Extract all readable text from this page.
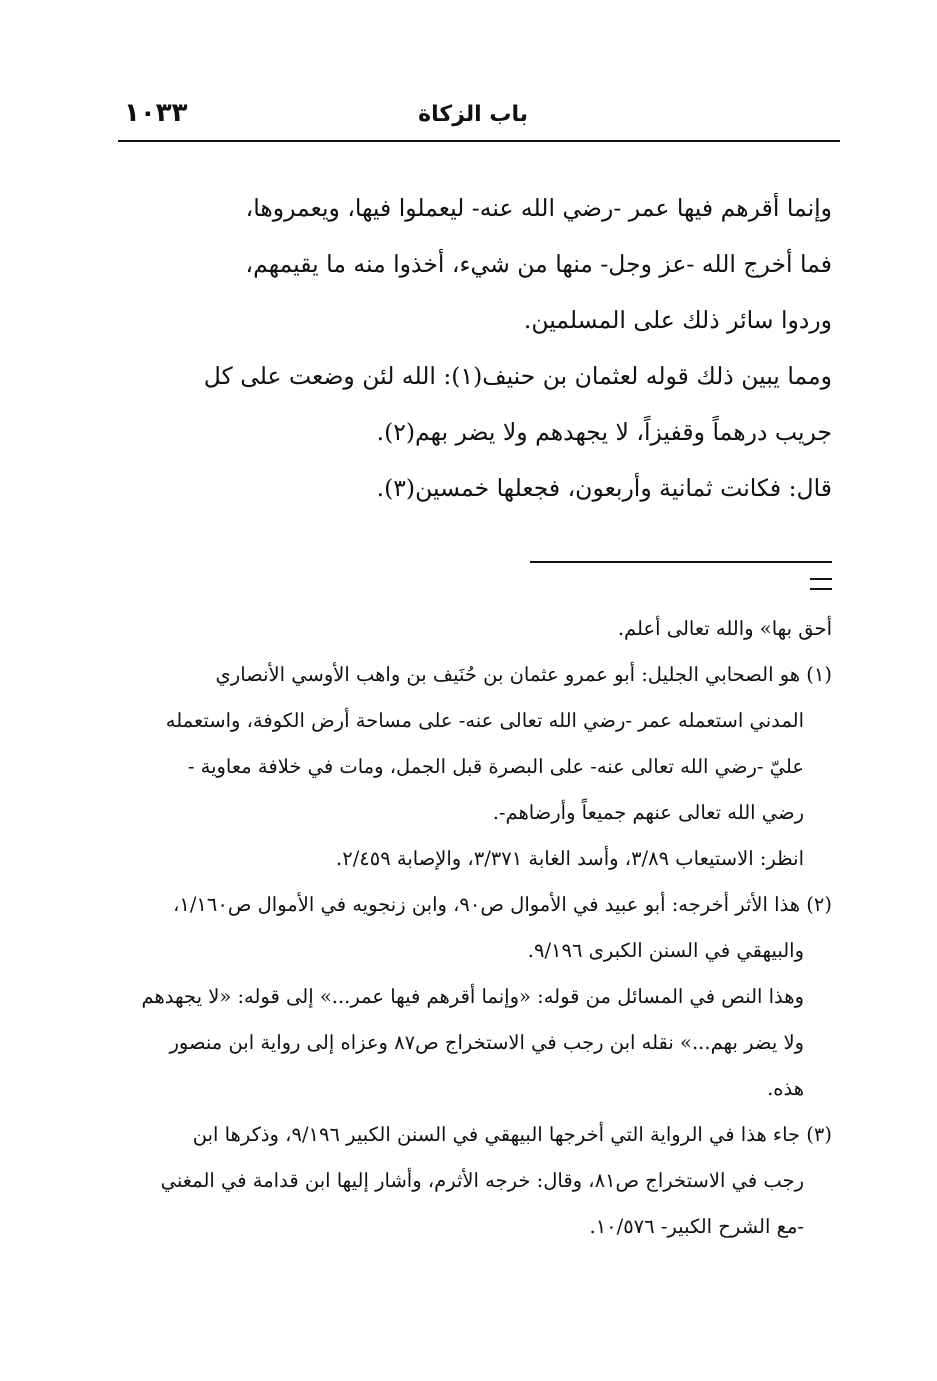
باب الزكاة
١٠٣٣

وإنما أقرهم فيها عمر -رضي الله عنه- ليعملوا فيها، ويعمروها،

فما أخرج الله -عز وجل- منها من شيء، أخذوا منه ما يقيمهم،

وردوا سائر ذلك على المسلمين.

ومما يبين ذلك قوله لعثمان بن حنيف(١): الله لئن وضعت على كل

جريب درهماً وقفيزاً، لا يجهدهم ولا يضر بهم(٢).

قال: فكانت ثمانية وأربعون، فجعلها خمسين(٣).

أحق بها» والله تعالى أعلم.

(١) هو الصحابي الجليل: أبو عمرو عثمان بن حُنَيف بن واهب الأوسي الأنصاري

المدني استعمله عمر -رضي الله تعالى عنه- على مساحة أرض الكوفة، واستعمله

عليّ -رضي الله تعالى عنه- على البصرة قبل الجمل، ومات في خلافة معاوية -

رضي الله تعالى عنهم جميعاً وأرضاهم-.

انظر: الاستيعاب ٣/٨٩، وأسد الغابة ٣/٣٧١، والإصابة ٢/٤٥٩.

(٢) هذا الأثر أخرجه: أبو عبيد في الأموال ص٩٠، وابن زنجويه في الأموال ص١/١٦٠،

والبيهقي في السنن الكبرى ٩/١٩٦.

وهذا النص في المسائل من قوله: «وإنما أقرهم فيها عمر...» إلى قوله: «لا يجهدهم

ولا يضر بهم...» نقله ابن رجب في الاستخراج ص٨٧ وعزاه إلى رواية ابن منصور

هذه.

(٣) جاء هذا في الرواية التي أخرجها البيهقي في السنن الكبير ٩/١٩٦، وذكرها ابن

رجب في الاستخراج ص٨١، وقال: خرجه الأثرم، وأشار إليها ابن قدامة في المغني

-مع الشرح الكبير- ١٠/٥٧٦.
